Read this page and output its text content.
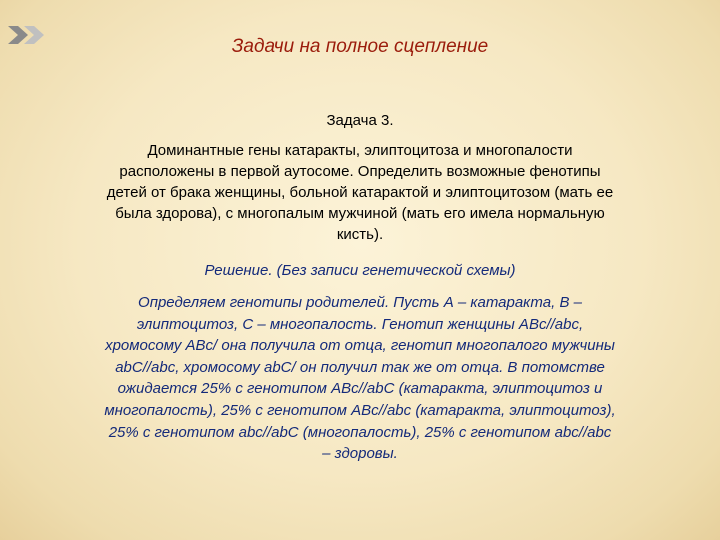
Задачи на полное сцепление
Задача 3.
Доминантные гены катаракты, элиптоцитоза и многопалости
расположены в первой аутосоме. Определить возможные фенотипы
детей от брака женщины, больной катарактой и элиптоцитозом (мать ее
была здорова), с многопалым мужчиной (мать его имела нормальную
кисть).
Решение. (Без записи генетической схемы)
Определяем генотипы родителей. Пусть А – катаракта, В –
элиптоцитоз, С – многопалость. Генотип женщины АВс//аbc,
хромосому АВс/ она получила от отца, генотип многопалого мужчины
аbС//аbc, хромосому аbС/ он получил так же от отца. В потомстве
ожидается 25% с генотипом АВс//аbС (катаракта, элиптоцитоз и
многопалость), 25% с генотипом АВс//аbc (катаракта, элиптоцитоз),
25% с генотипом аbc//аbС (многопалость), 25% с генотипом аbc//аbc
– здоровы.
